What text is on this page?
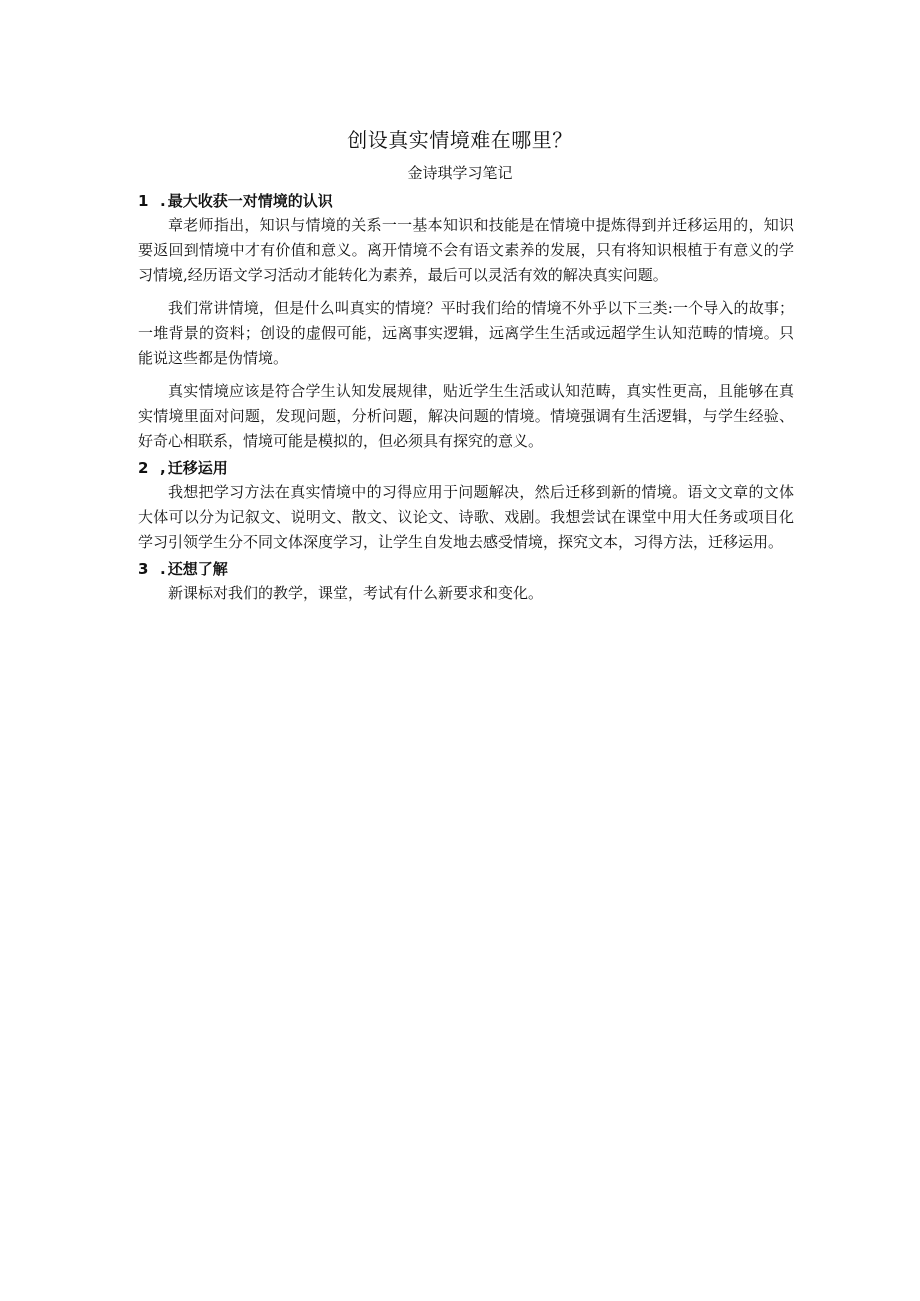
创设真实情境难在哪里？
金诗琪学习笔记
1 . 最大收获一对情境的认识

章老师指出，知识与情境的关系一一基本知识和技能是在情境中提炼得到并迁移运用的，知识要返回到情境中才有价值和意义。离开情境不会有语文素养的发展，只有将知识根植于有意义的学习情境,经历语文学习活动才能转化为素养，最后可以灵活有效的解决真实问题。

我们常讲情境，但是什么叫真实的情境？平时我们给的情境不外乎以下三类:一个导入的故事；一堆背景的资料；创设的虚假可能，远离事实逻辑，远离学生生活或远超学生认知范畴的情境。只能说这些都是伪情境。

真实情境应该是符合学生认知发展规律，贴近学生生活或认知范畴，真实性更高，且能够在真实情境里面对问题，发现问题，分析问题，解决问题的情境。情境强调有生活逻辑，与学生经验、好奇心相联系，情境可能是模拟的，但必须具有探究的意义。

2 , 迁移运用

我想把学习方法在真实情境中的习得应用于问题解决，然后迁移到新的情境。语文文章的文体大体可以分为记叙文、说明文、散文、议论文、诗歌、戏剧。我想尝试在课堂中用大任务或项目化学习引领学生分不同文体深度学习，让学生自发地去感受情境，探究文本，习得方法，迁移运用。

3 . 还想了解

新课标对我们的教学，课堂，考试有什么新要求和变化。
